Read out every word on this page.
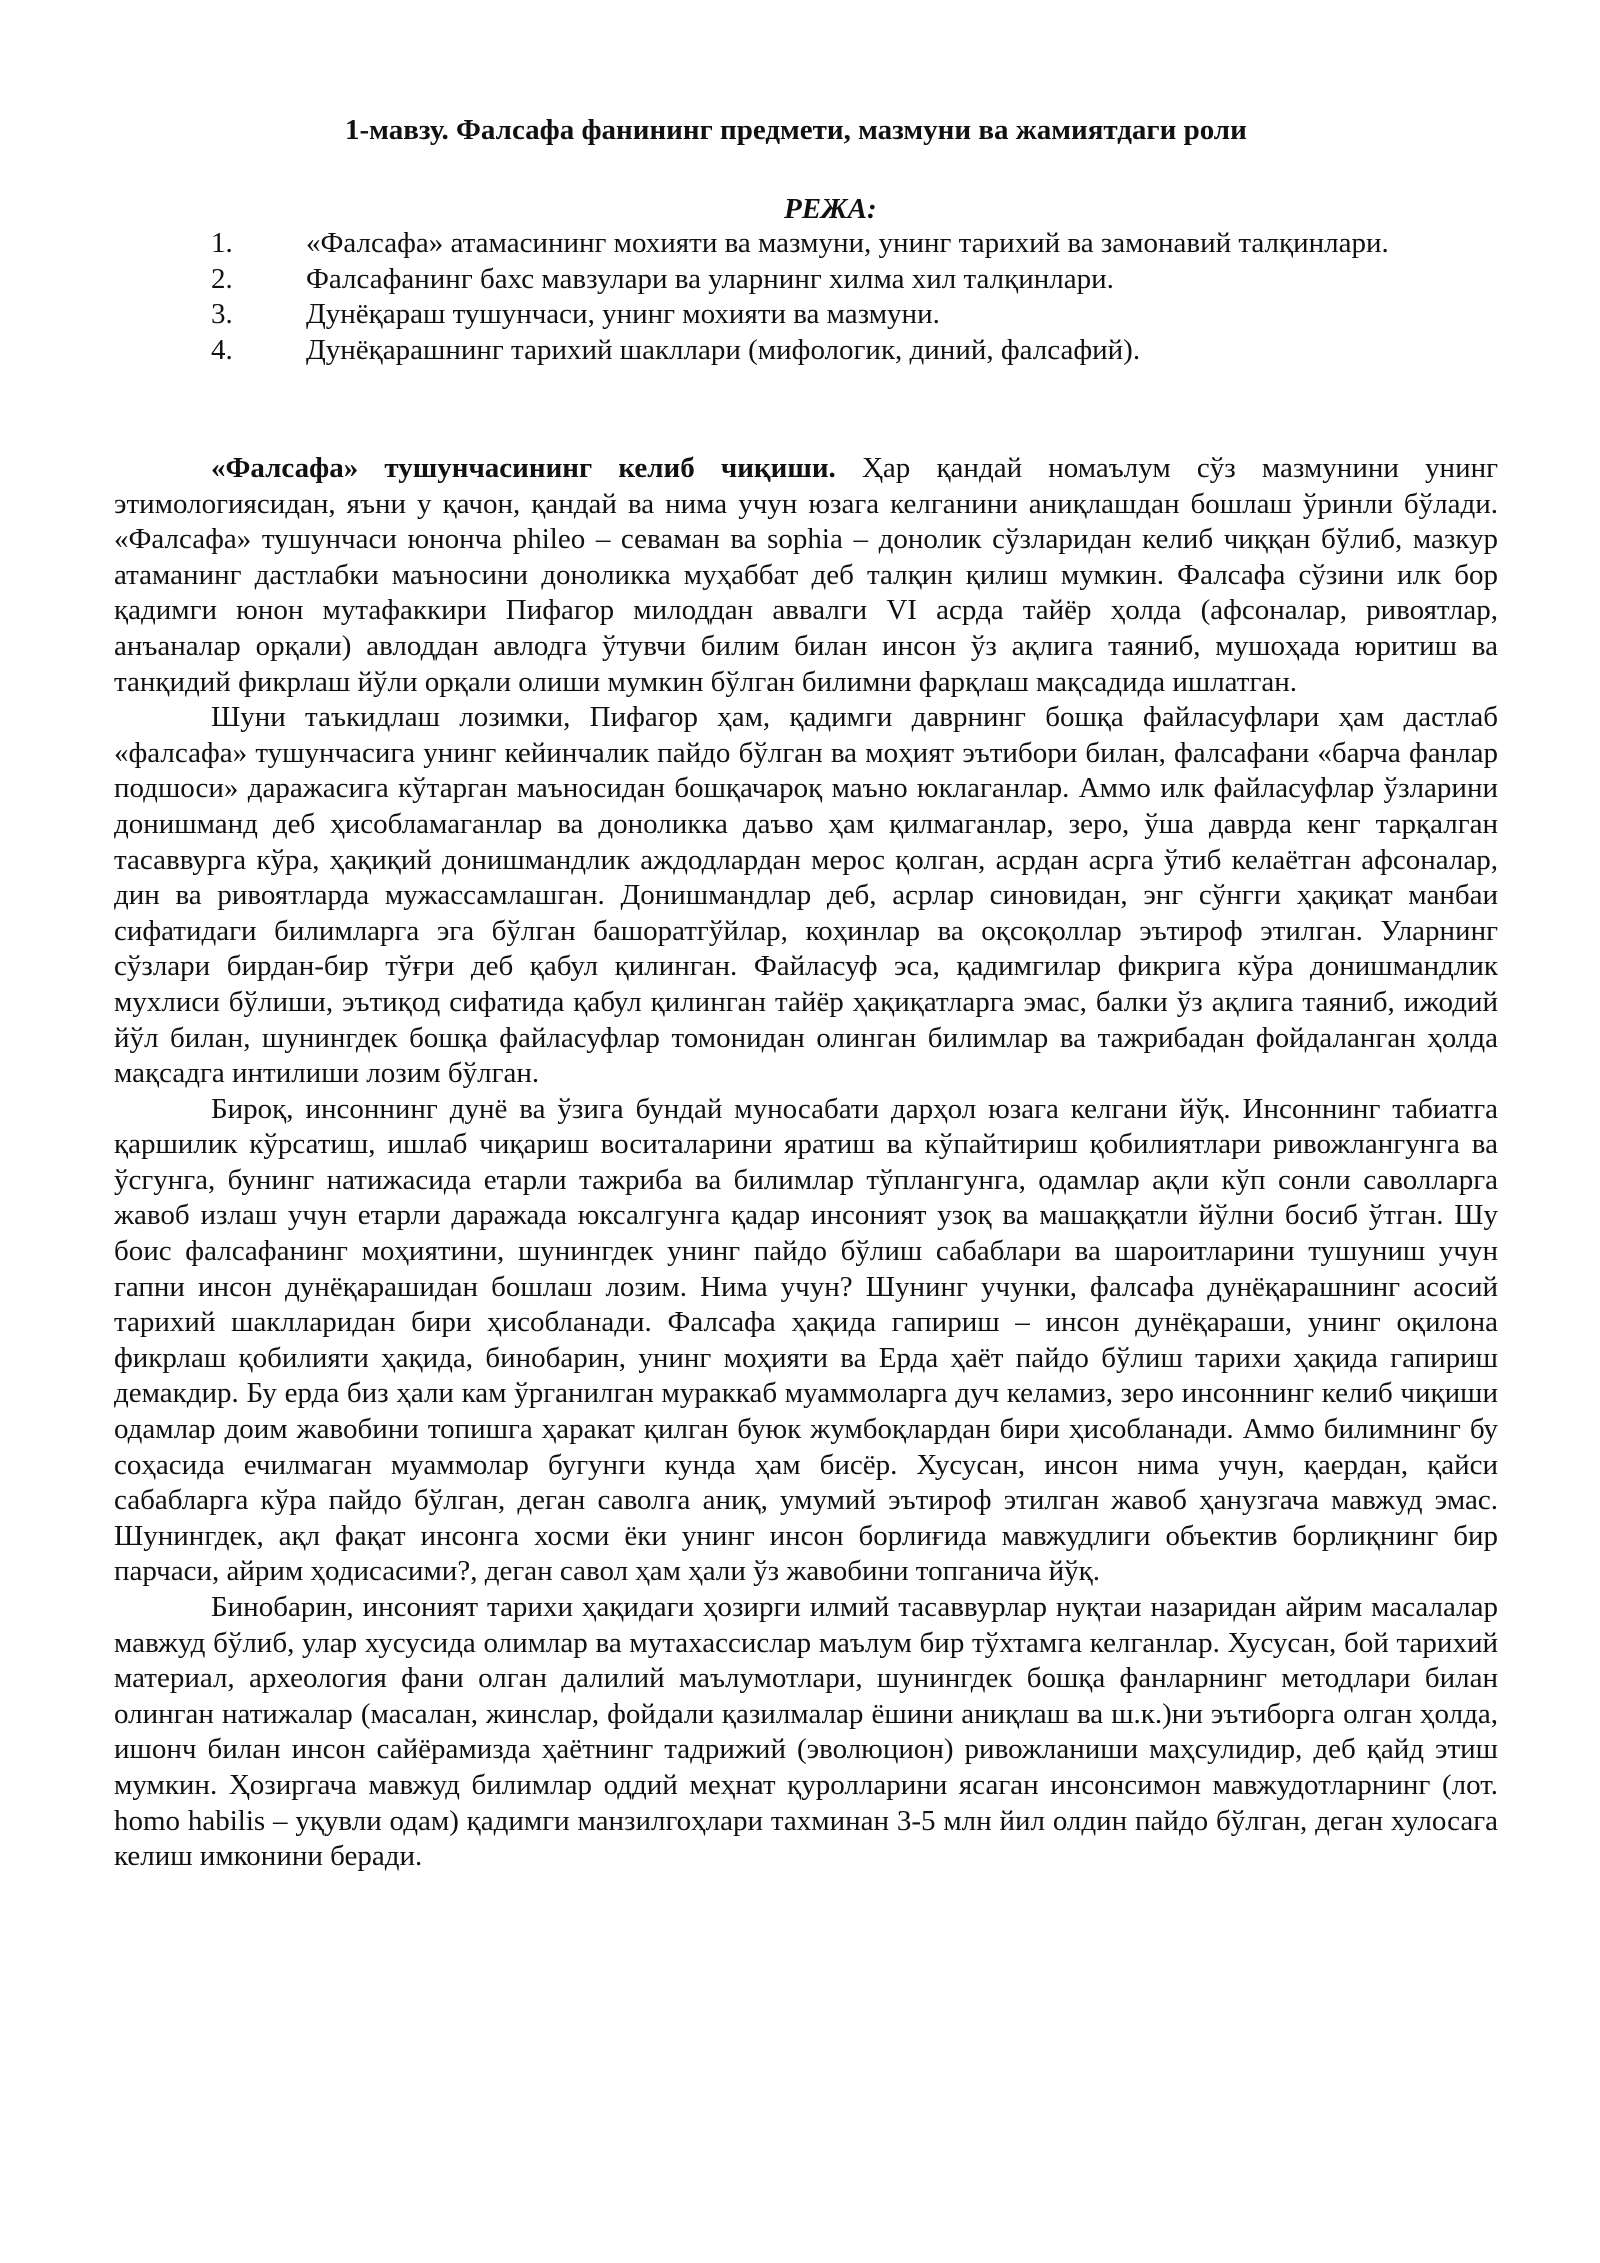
1-мавзу. Фалсафа фанининг предмети, мазмуни ва жамиятдаги роли
РЕЖА:
1.	«Фалсафа» атамасининг мохияти ва мазмуни, унинг тарихий ва замонавий талқинлари.
2.	Фалсафанинг бахс мавзулари ва уларнинг хилма хил талқинлари.
3.	Дунёқараш тушунчаси, унинг мохияти ва мазмуни.
4.	Дунёқарашнинг тарихий шакллари (мифологик, диний, фалсафий).

«Фалсафа» тушунчасининг келиб чиқиши. Ҳар қандай номаълум сўз мазмунини унинг этимологиясидан, яъни у қачон, қандай ва нима учун юзага келганини аниқлашдан бошлаш ўринли бўлади. «Фалсафа» тушунчаси юнонча phileo – севаман ва sophia – донолик сўзларидан келиб чиққан бўлиб, мазкур атаманинг дастлабки маъносини доноликка муҳаббат деб талқин қилиш мумкин. Фалсафа сўзини илк бор қадимги юнон мутафаккири Пифагор милоддан аввалги VI асрда тайёр ҳолда (афсоналар, ривоятлар, анъаналар орқали) авлоддан авлодга ўтувчи билим билан инсон ўз ақлига таяниб, мушоҳада юритиш ва танқидий фикрлаш йўли орқали олиши мумкин бўлган билимни фарқлаш мақсадида ишлатган.

Шуни таъкидлаш лозимки, Пифагор ҳам, қадимги даврнинг бошқа файласуфлари ҳам дастлаб «фалсафа» тушунчасига унинг кейинчалик пайдо бўлган ва моҳият эътибори билан, фалсафани «барча фанлар подшоси» даражасига кўтарган маъносидан бошқачароқ маъно юклаганлар. Аммо илк файласуфлар ўзларини донишманд деб ҳисобламаганлар ва доноликка даъво ҳам қилмаганлар, зеро, ўша даврда кенг тарқалган тасаввурга кўра, ҳақиқий донишмандлик аждодлардан мерос қолган, асрдан асрга ўтиб келаётган афсоналар, дин ва ривоятларда мужассамлашган. Донишмандлар деб, асрлар синовидан, энг сўнгги ҳақиқат манбаи сифатидаги билимларга эга бўлган башоратгўйлар, коҳинлар ва оқсоқоллар эътироф этилган. Уларнинг сўзлари бирдан-бир тўғри деб қабул қилинган. Файласуф эса, қадимгилар фикрига кўра донишмандлик мухлиси бўлиши, эътиқод сифатида қабул қилинган тайёр ҳақиқатларга эмас, балки ўз ақлига таяниб, ижодий йўл билан, шунингдек бошқа файласуфлар томонидан олинган билимлар ва тажрибадан фойдаланган ҳолда мақсадга интилиши лозим бўлган.

Бироқ, инсоннинг дунё ва ўзига бундай муносабати дарҳол юзага келгани йўқ. Инсоннинг табиатга қаршилик кўрсатиш, ишлаб чиқариш воситаларини яратиш ва кўпайтириш қобилиятлари ривожлангунга ва ўсгунга, бунинг натижасида етарли тажриба ва билимлар тўплангунга, одамлар ақли кўп сонли саволларга жавоб излаш учун етарли даражада юксалгунга қадар инсоният узоқ ва машаққатли йўлни босиб ўтган. Шу боис фалсафанинг моҳиятини, шунингдек унинг пайдо бўлиш сабаблари ва шароитларини тушуниш учун гапни инсон дунёқарашидан бошлаш лозим. Нима учун? Шунинг учунки, фалсафа дунёқарашнинг асосий тарихий шаклларидан бири ҳисобланади. Фалсафа ҳақида гапириш – инсон дунёқараши, унинг оқилона фикрлаш қобилияти ҳақида, бинобарин, унинг моҳияти ва Ерда ҳаёт пайдо бўлиш тарихи ҳақида гапириш демакдир. Бу ерда биз ҳали кам ўрганилган мураккаб муаммоларга дуч келамиз, зеро инсоннинг келиб чиқиши одамлар доим жавобини топишга ҳаракат қилган буюк жумбоқлардан бири ҳисобланади. Аммо билимнинг бу соҳасида ечилмаган муаммолар бугунги кунда ҳам бисёр. Хусусан, инсон нима учун, қаердан, қайси сабабларга кўра пайдо бўлган, деган саволга аниқ, умумий эътироф этилган жавоб ҳанузгача мавжуд эмас. Шунингдек, ақл фақат инсонга хосми ёки унинг инсон борлиғида мавжудлиги объектив борлиқнинг бир парчаси, айрим ҳодисасими?, деган савол ҳам ҳали ўз жавобини топганича йўқ.

Бинобарин, инсоният тарихи ҳақидаги ҳозирги илмий тасаввурлар нуқтаи назаридан айрим масалалар мавжуд бўлиб, улар хусусида олимлар ва мутахассислар маълум бир тўхтамга келганлар. Хусусан, бой тарихий материал, археология фани олган далилий маълумотлари, шунингдек бошқа фанларнинг методлари билан олинган натижалар (масалан, жинслар, фойдали қазилмалар ёшини аниқлаш ва ш.к.)ни эътиборга олган ҳолда, ишонч билан инсон сайёрамизда ҳаётнинг тадрижий (эволюцион) ривожланиши маҳсулидир, деб қайд этиш мумкин. Ҳозиргача мавжуд билимлар оддий меҳнат қуролларини ясаган инсонсимон мавжудотларнинг (лот. homo habilis – уқувли одам) қадимги манзилгоҳлари тахминан 3-5 млн йил олдин пайдо бўлган, деган хулосага келиш имконини беради.
